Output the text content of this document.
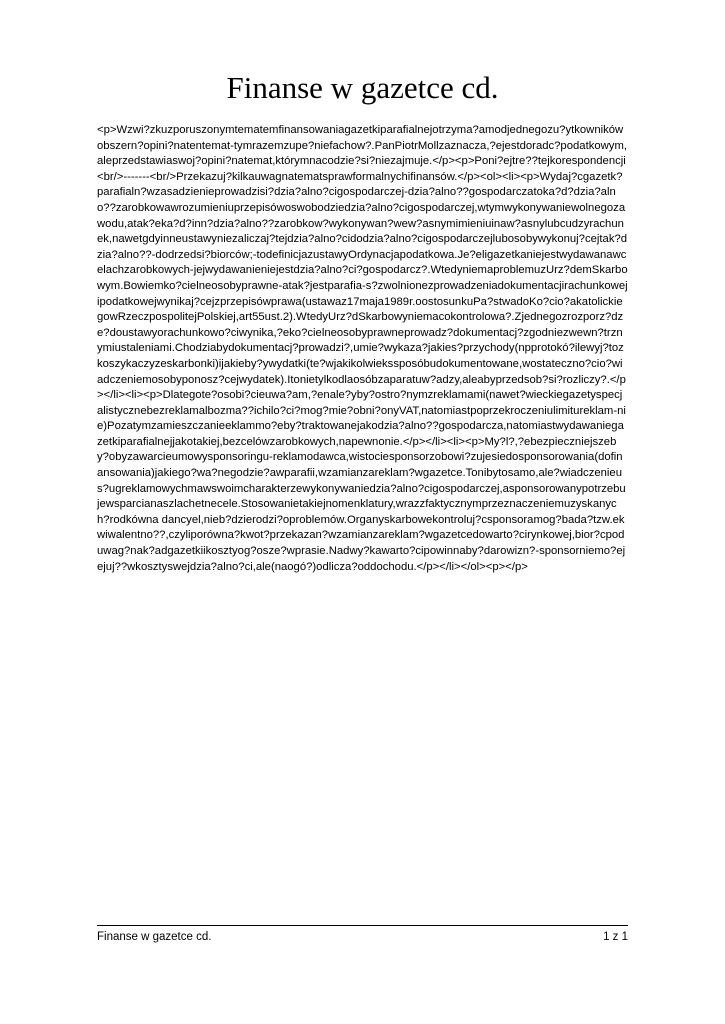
Finanse w gazetce cd.
<p>Wzwi?zkuzporuszonymtematemfinansowaniagazetkiparafialnejotrzyma?amodjednegozu?ytkowników obszern?opini?natentemat-tymrazemzupe?niefachow?.PanPiotrMollzaznacza,?ejestdoradc?podatkowym,aleprzedstawiaswoj?opini?natemat,którymnacodzie?si?niezajmuje.</p><p>Poni?ejtre??tejkorespondencji<br/>-------<br/>Przekazuj?kilkauwagnatematsprawformalnychifinansów.</p><ol><li><p>Wydaj?cgazetk?parafialn?wzasadzienieprowadzisi?dzia?alno?cigospodarczej-dzia?alno??gospodarczatoka?d?dzia?alno??zarobkowawrozumieniuprzepisówoswobodziedzia?alno?cigospodarczej,wtymwykonywaniewolnegozawodu,atak?eka?d?inn?dzia?alno??zarobkow?wykonywan?wew?asnymimieniuinaw?asnylubcudzyrachunek,nawetgdyinneustawyniezaliczaj?tejdzia?alno?cidodzia?alno?cigospodarczejlubosobywykonuj?cejtak?dzia?alno??-dodrzedsi?biorców;-todefinicjazustawyOrdynacjapodatkowa.Je?eligazetkaniejestwydawanawcelachzarobkowych-jejwydawanieniejestdzia?alno?ci?gospodarcz?.WtedyniemaproblemuzUrz?demSkarbowym.Bowiemko?cielneosobyprawne-atak?jestparafia-s?zwolnionezprowadzeniadokumentacjirachunkowejipodatkowejwynikaj?cejzprzepisówprawa(ustawaz17maja1989r.oostosunkuPa?stwadoKo?cio?akatolickiegowRzeczpospolitejPolskiej,art55ust.2).WtedyUrz?dSkarbowyniemacokontrolowa?.Zjednegozrozporz?dze?doustawyorachunkowo?ciwynika,?eko?cielneosobyprawneprowadz?dokumentacj?zgodniezwewn?trznymiustaleniami.Chodziabydokumentacj?prowadzi?,umie?wykaza?jakies?przychody(npprotokó?ilewyj?tozkoszykaczyzeskarbonki)ijakieby?ywydatki(te?wjakikolwiekssposóbudokumentowane,wostateczno?cio?wiadczeniemosobyponosz?cejwydatek).Itonietylkodlaosóbzaparatuw?adzy,aleabyprzedsob?si?rozliczy?.</p></li><li><p>Dlategote?osobi?cieuwa?am,?enale?yby?ostro?nymzreklamami(nawet?wieckiegazetyspecjalistycznebezreklamalbozma??ichilo?ci?mog?mie?obni?onyVAT,natomiastpoprzekroczeniulimitureklam-nie)Pozatymzamieszczanieeklammo?eby?traktowanejakodzia?alno??gospodarcza,natomiastwydawaniegazetkiparafialnejjakotakiej,bezcelówzarobkowych,napewnonie.</p></li><li><p>My?l?,?ebezpieczniejszeby?obyzawarcieumowysponsoringu-reklamodawca,wistociesponsorzobowi?zujesiedosponsorowania(dofinansowania)jakiego?wa?negodzie?awparafii,wzamianzareklam?wgazetce.Tonibytosamo,ale?wiadczenieus?ugreklamowychmawswoimcharakterzewykonywaniedzia?alno?cigospodarczej,asponsorowanypotrzebujewsparcianaszlachetnecele.Stosowanietakiejnomenklatury,wrazzfaktycznymprzeznaczeniemuzyskanych?rodkówna dancyel,nieb?dzierodzi?oproblemów.Organyskarbowekontroluj?csponsoramog?bada?tzw.ekwiwalentno??,czyliporówna?kwot?przekazan?wzamianzareklam?wgazetcedowarto?cirynkowej,bior?cpoduwag?nak?adgazetkiikosztyog?osze?wprasie.Nadwy?kawarto?cipowinnaby?darowizn?-sponsorniemo?ejejuj??wkosztyswejdzia?alno?ci,ale(naogó?)odlicza?oddochodu.</p></li></ol><p></p>
Finanse w gazetce cd.	1 z 1
